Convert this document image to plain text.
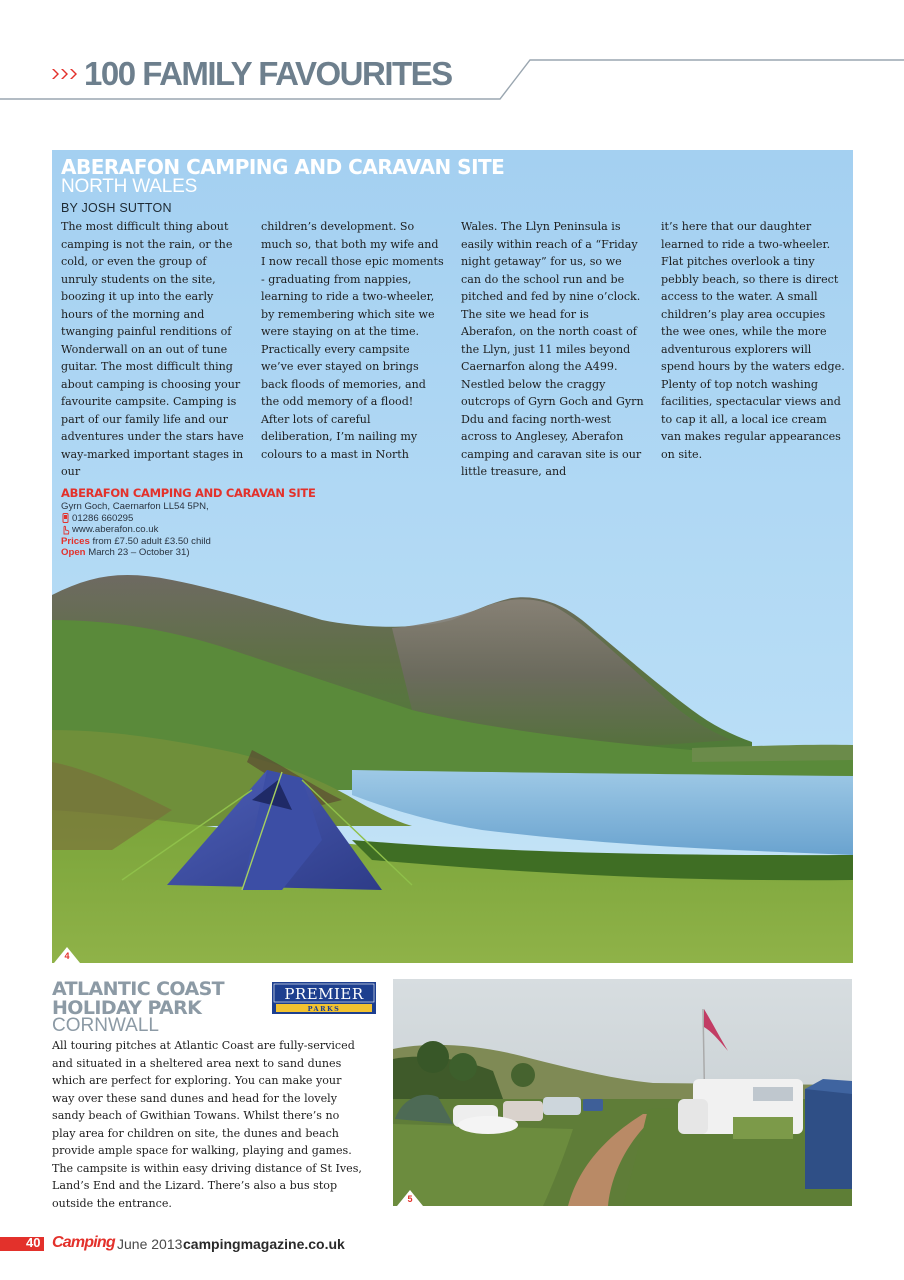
100 FAMILY FAVOURITES
ABERAFON CAMPING AND CARAVAN SITE
NORTH WALES
BY JOSH SUTTON

The most difficult thing about camping is not the rain, or the cold, or even the group of unruly students on the site, boozing it up into the early hours of the morning and twanging painful renditions of Wonderwall on an out of tune guitar. The most difficult thing about camping is choosing your favourite campsite. Camping is part of our family life and our adventures under the stars have way-marked important stages in our

children’s development. So much so, that both my wife and I now recall those epic moments - graduating from nappies, learning to ride a two-wheeler, by remembering which site we were staying on at the time. Practically every campsite we’ve ever stayed on brings back floods of memories, and the odd memory of a flood!

After lots of careful deliberation, I’m nailing my colours to a mast in North

Wales. The Llyn Peninsula is easily within reach of a “Friday night getaway” for us, so we can do the school run and be pitched and fed by nine o’clock. The site we head for is Aberafon, on the north coast of the Llyn, just 11 miles beyond Caernarfon along the A499. Nestled below the craggy outcrops of Gyrn Goch and Gyrn Ddu and facing north-west across to Anglesey, Aberafon camping and caravan site is our little treasure, and

it’s here that our daughter learned to ride a two-wheeler. Flat pitches overlook a tiny pebbly beach, so there is direct access to the water. A small children’s play area occupies the wee ones, while the more adventurous explorers will spend hours by the waters edge. Plenty of top notch washing facilities, spectacular views and to cap it all, a local ice cream van makes regular appearances on site.

ABERAFON CAMPING AND CARAVAN SITE
Gyrn Goch, Caernarfon LL54 5PN,
01286 660295
www.aberafon.co.uk
Prices from £7.50 adult £3.50 child
Open March 23 – October 31)
4
ATLANTIC COAST
HOLIDAY PARK
CORNWALL
PREMIER
PARKS
All touring pitches at Atlantic Coast are fully-serviced and situated in a sheltered area next to sand dunes which are perfect for exploring. You can make your way over these sand dunes and head for the lovely sandy beach of Gwithian Towans. Whilst there’s no play area for children on site, the dunes and beach provide ample space for walking, playing and games. The campsite is within easy driving distance of St Ives, Land’s End and the Lizard. There’s also a bus stop outside the entrance.	5
40 Camping June 2013 campingmagazine.co.uk
